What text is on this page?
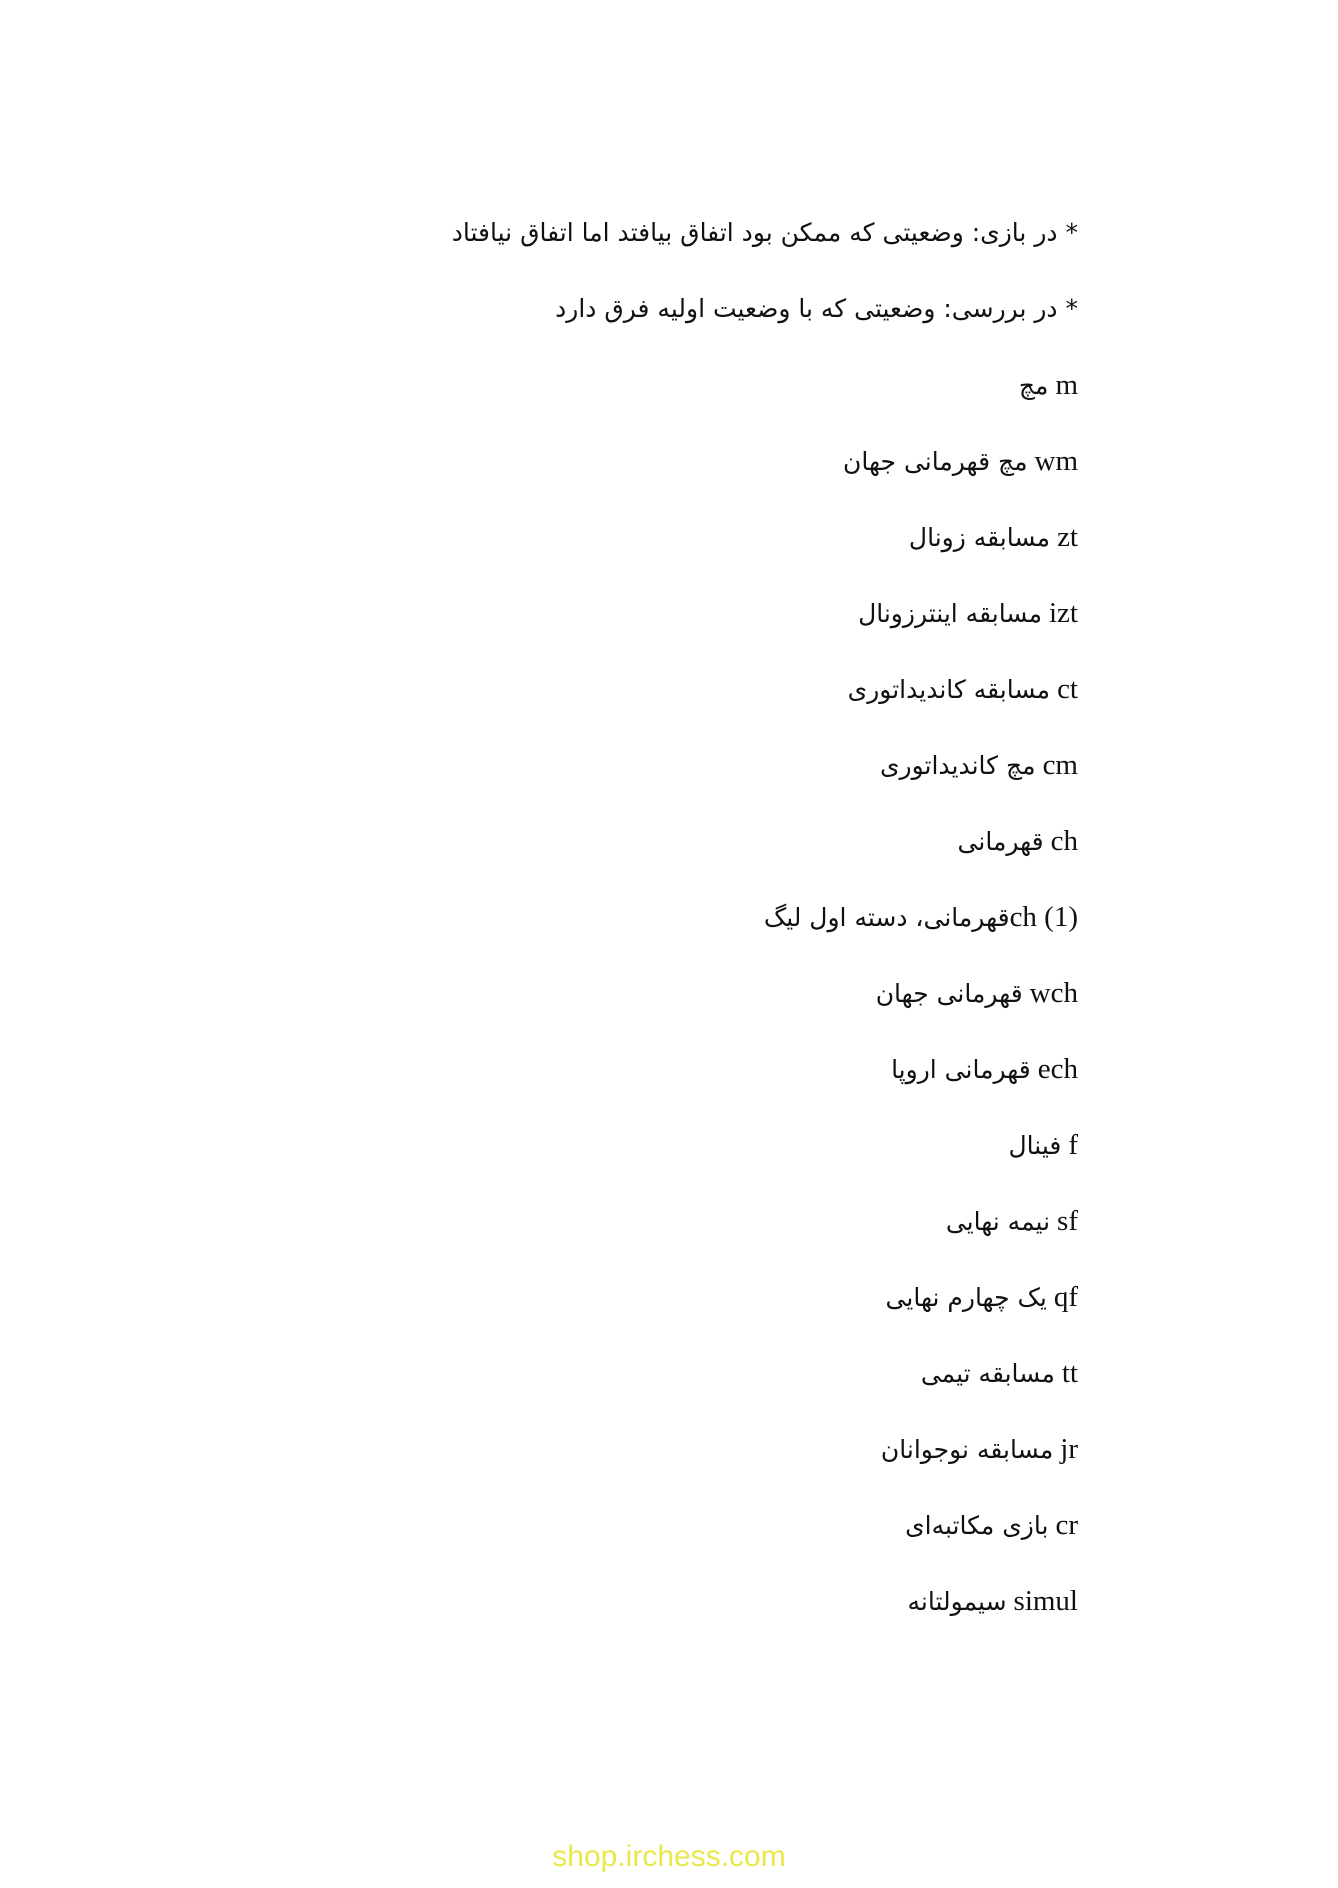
* در بازی: وضعیتی که ممکن بود اتفاق بیافتد اما اتفاق نیافتاد
* در بررسی: وضعیتی که با وضعیت اولیه فرق دارد
mمچ
wmمچ قهرمانی جهان
ztمسابقه زونال
iztمسابقه اینترزونال
ctمسابقه کاندیداتوری
cmمچ کاندیداتوری
chقهرمانی
ch (1)قهرمانی، دسته اول لیگ
wchقهرمانی جهان
echقهرمانی اروپا
fفینال
sfنیمه نهایی
qfیک چهارم نهایی
ttمسابقه تیمی
jrمسابقه نوجوانان
crبازی مکاتبه‌ای
simulسیمولتانه
shop.irchess.com
